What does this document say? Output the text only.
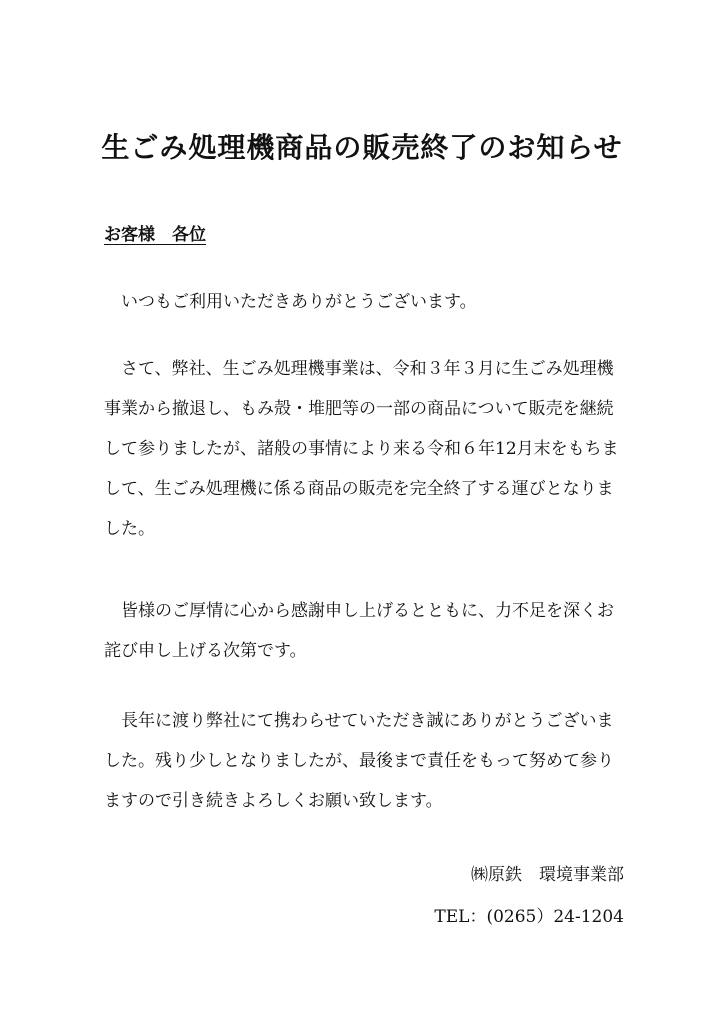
生ごみ処理機商品の販売終了のお知らせ
お客様　各位
　いつもご利用いただきありがとうございます。
　さて、弊社、生ごみ処理機事業は、令和３年３月に生ごみ処理機
事業から撤退し、もみ殻・堆肥等の一部の商品について販売を継続
して参りましたが、諸般の事情により来る令和６年12月末をもちま
して、生ごみ処理機に係る商品の販売を完全終了する運びとなりま
した。
　皆様のご厚情に心から感謝申し上げるとともに、力不足を深くお
詫び申し上げる次第です。
　長年に渡り弊社にて携わらせていただき誠にありがとうございま
した。残り少しとなりましたが、最後まで責任をもって努めて参り
ますので引き続きよろしくお願い致します。
㈱原鉄　環境事業部
TEL：(0265）24-1204
